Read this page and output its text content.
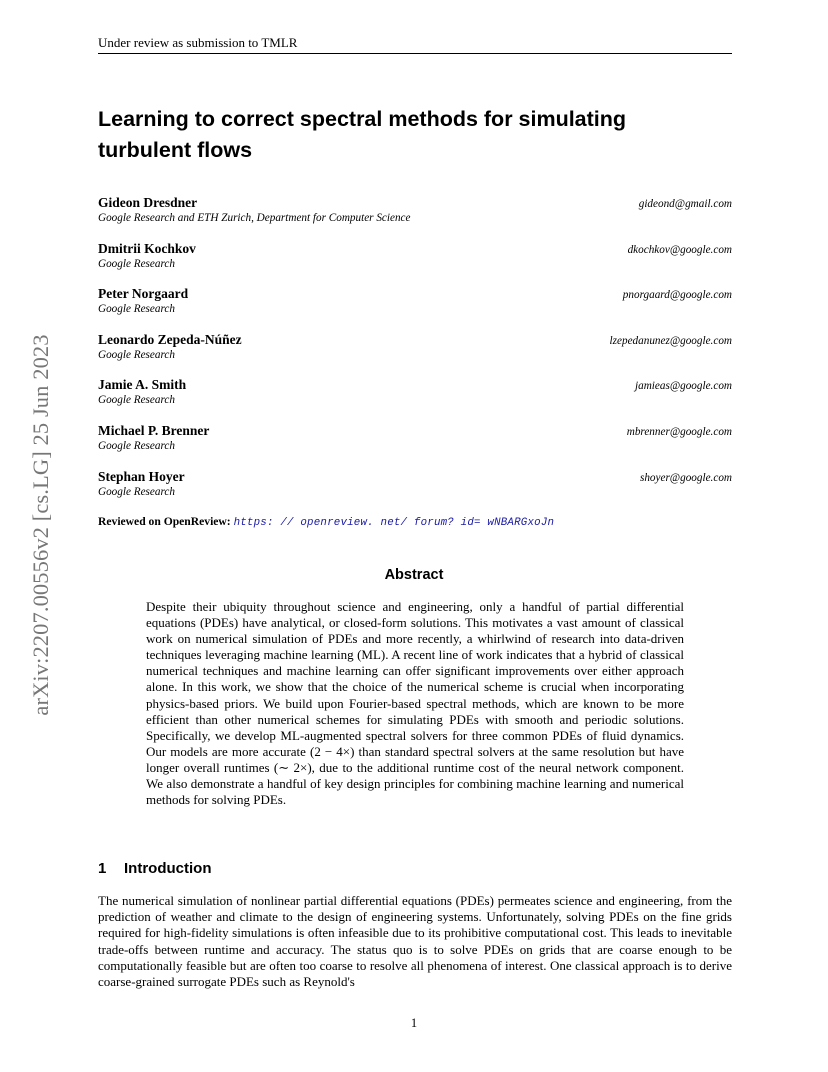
Under review as submission to TMLR
arXiv:2207.00556v2 [cs.LG] 25 Jun 2023
Learning to correct spectral methods for simulating turbulent flows
Gideon Dresdner
Google Research and ETH Zurich, Department for Computer Science
gideond@gmail.com
Dmitrii Kochkov
Google Research
dkochkov@google.com
Peter Norgaard
Google Research
pnorgaard@google.com
Leonardo Zepeda-Núñez
Google Research
lzepedanunez@google.com
Jamie A. Smith
Google Research
jamieas@google.com
Michael P. Brenner
Google Research
mbrenner@google.com
Stephan Hoyer
Google Research
shoyer@google.com
Reviewed on OpenReview: https: // openreview. net/ forum? id= wNBARGxoJn
Abstract

Despite their ubiquity throughout science and engineering, only a handful of partial differential equations (PDEs) have analytical, or closed-form solutions. This motivates a vast amount of classical work on numerical simulation of PDEs and more recently, a whirlwind of research into data-driven techniques leveraging machine learning (ML). A recent line of work indicates that a hybrid of classical numerical techniques and machine learning can offer significant improvements over either approach alone. In this work, we show that the choice of the numerical scheme is crucial when incorporating physics-based priors. We build upon Fourier-based spectral methods, which are known to be more efficient than other numerical schemes for simulating PDEs with smooth and periodic solutions. Specifically, we develop ML-augmented spectral solvers for three common PDEs of fluid dynamics. Our models are more accurate (2 − 4×) than standard spectral solvers at the same resolution but have longer overall runtimes (∼ 2×), due to the additional runtime cost of the neural network component. We also demonstrate a handful of key design principles for combining machine learning and numerical methods for solving PDEs.

1 Introduction

The numerical simulation of nonlinear partial differential equations (PDEs) permeates science and engineering, from the prediction of weather and climate to the design of engineering systems. Unfortunately, solving PDEs on the fine grids required for high-fidelity simulations is often infeasible due to its prohibitive computational cost. This leads to inevitable trade-offs between runtime and accuracy. The status quo is to solve PDEs on grids that are coarse enough to be computationally feasible but are often too coarse to resolve all phenomena of interest. One classical approach is to derive coarse-grained surrogate PDEs such as Reynold's

1
